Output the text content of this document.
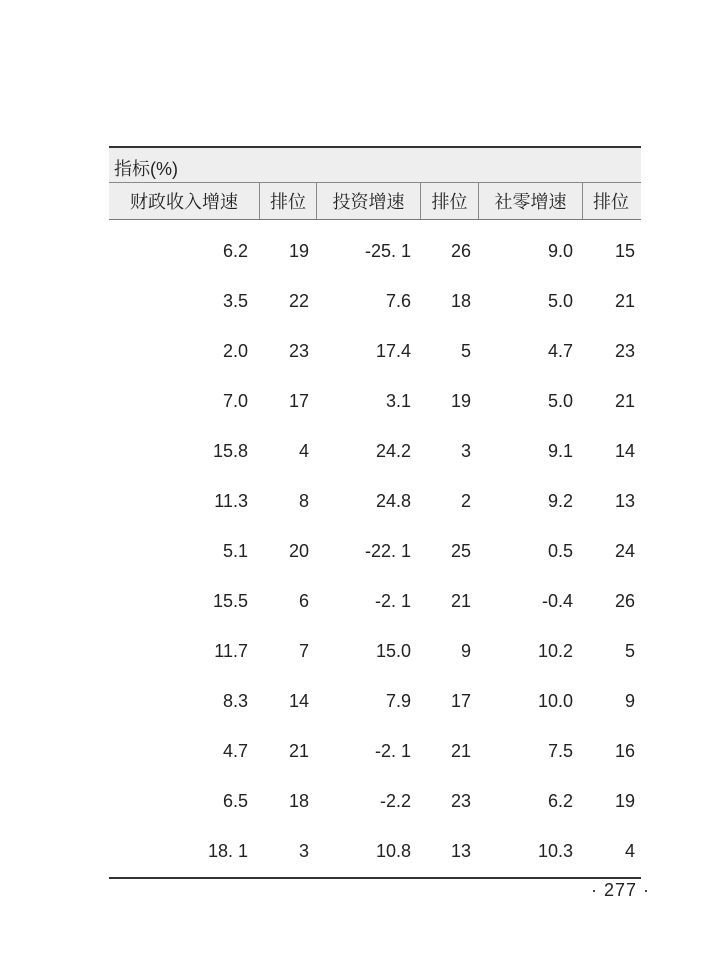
指标(%)
财政收入增速	排位	投资增速	排位	社零增速	排位
6.2	19	-25. 1	26	9.0	15
3.5	22	7.6	18	5.0	21
2.0	23	17.4	5	4.7	23
7.0	17	3.1	19	5.0	21
15.8	4	24.2	3	9.1	14
11.3	8	24.8	2	9.2	13
5.1	20	-22. 1	25	0.5	24
15.5	6	-2. 1	21	-0.4	26
11.7	7	15.0	9	10.2	5
8.3	14	7.9	17	10.0	9
4.7	21	-2. 1	21	7.5	16
6.5	18	-2.2	23	6.2	19
18. 1	3	10.8	13	10.3	4
· 277 ·
